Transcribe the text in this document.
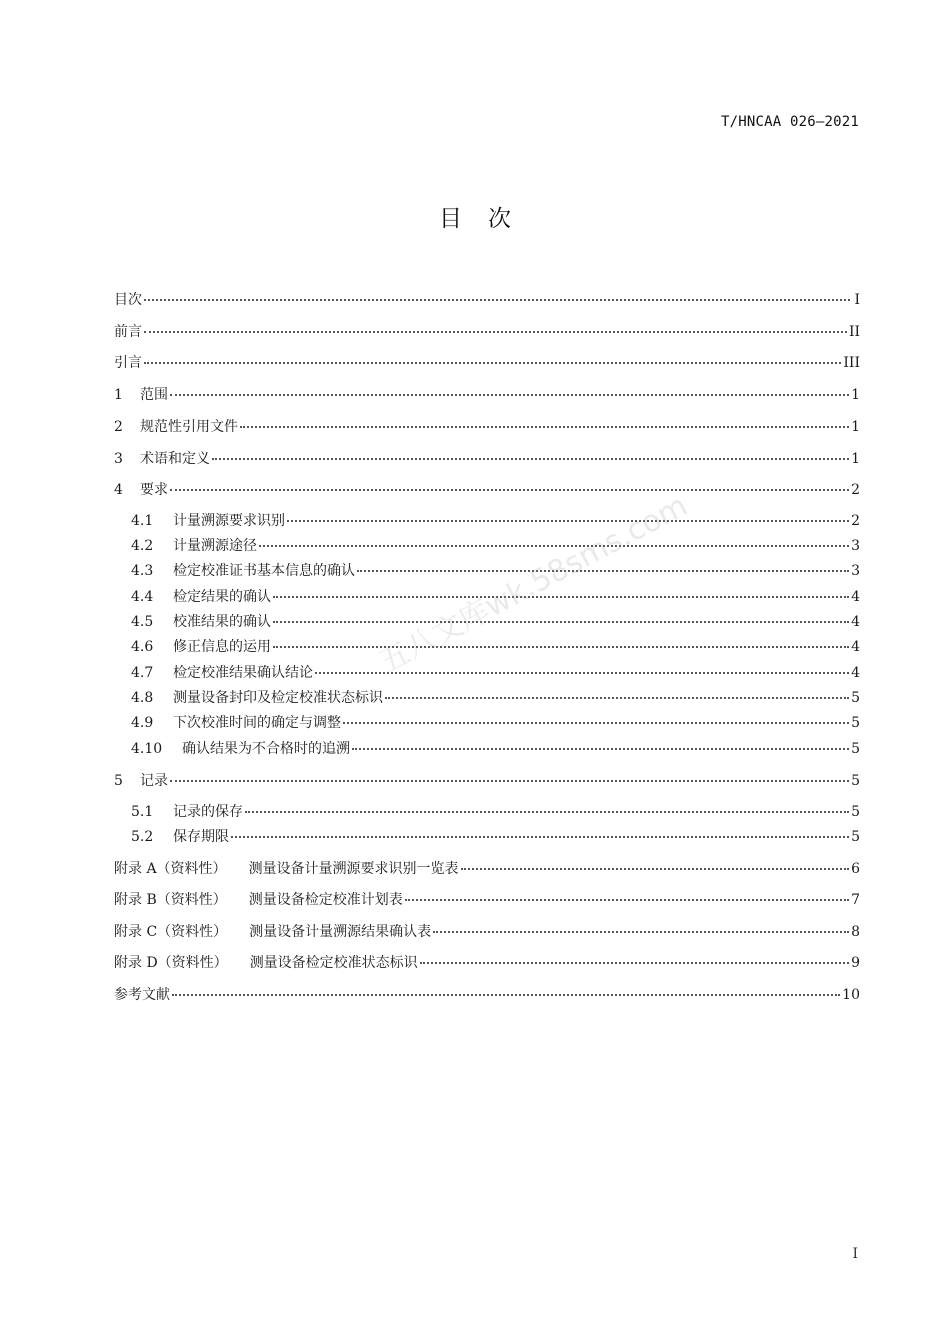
T/HNCAA 026—2021
目次
目次	I
前言	II
引言	III
1	范围	1
2	规范性引用文件	1
3	术语和定义	1
4	要求	2
4.1	计量溯源要求识别	2
4.2	计量溯源途径	3
4.3	检定校准证书基本信息的确认	3
4.4	检定结果的确认	4
4.5	校准结果的确认	4
4.6	修正信息的运用	4
4.7	检定校准结果确认结论	4
4.8	测量设备封印及检定校准状态标识	5
4.9	下次校准时间的确定与调整	5
4.10	确认结果为不合格时的追溯	5
5	记录	5
5.1	记录的保存	5
5.2	保存期限	5
附录 A（资料性） 测量设备计量溯源要求识别一览表	6
附录 B（资料性） 测量设备检定校准计划表	7
附录 C（资料性） 测量设备计量溯源结果确认表	8
附录 D（资料性） 测量设备检定校准状态标识	9
参考文献	10
五八文库wk.58sms.com
I
